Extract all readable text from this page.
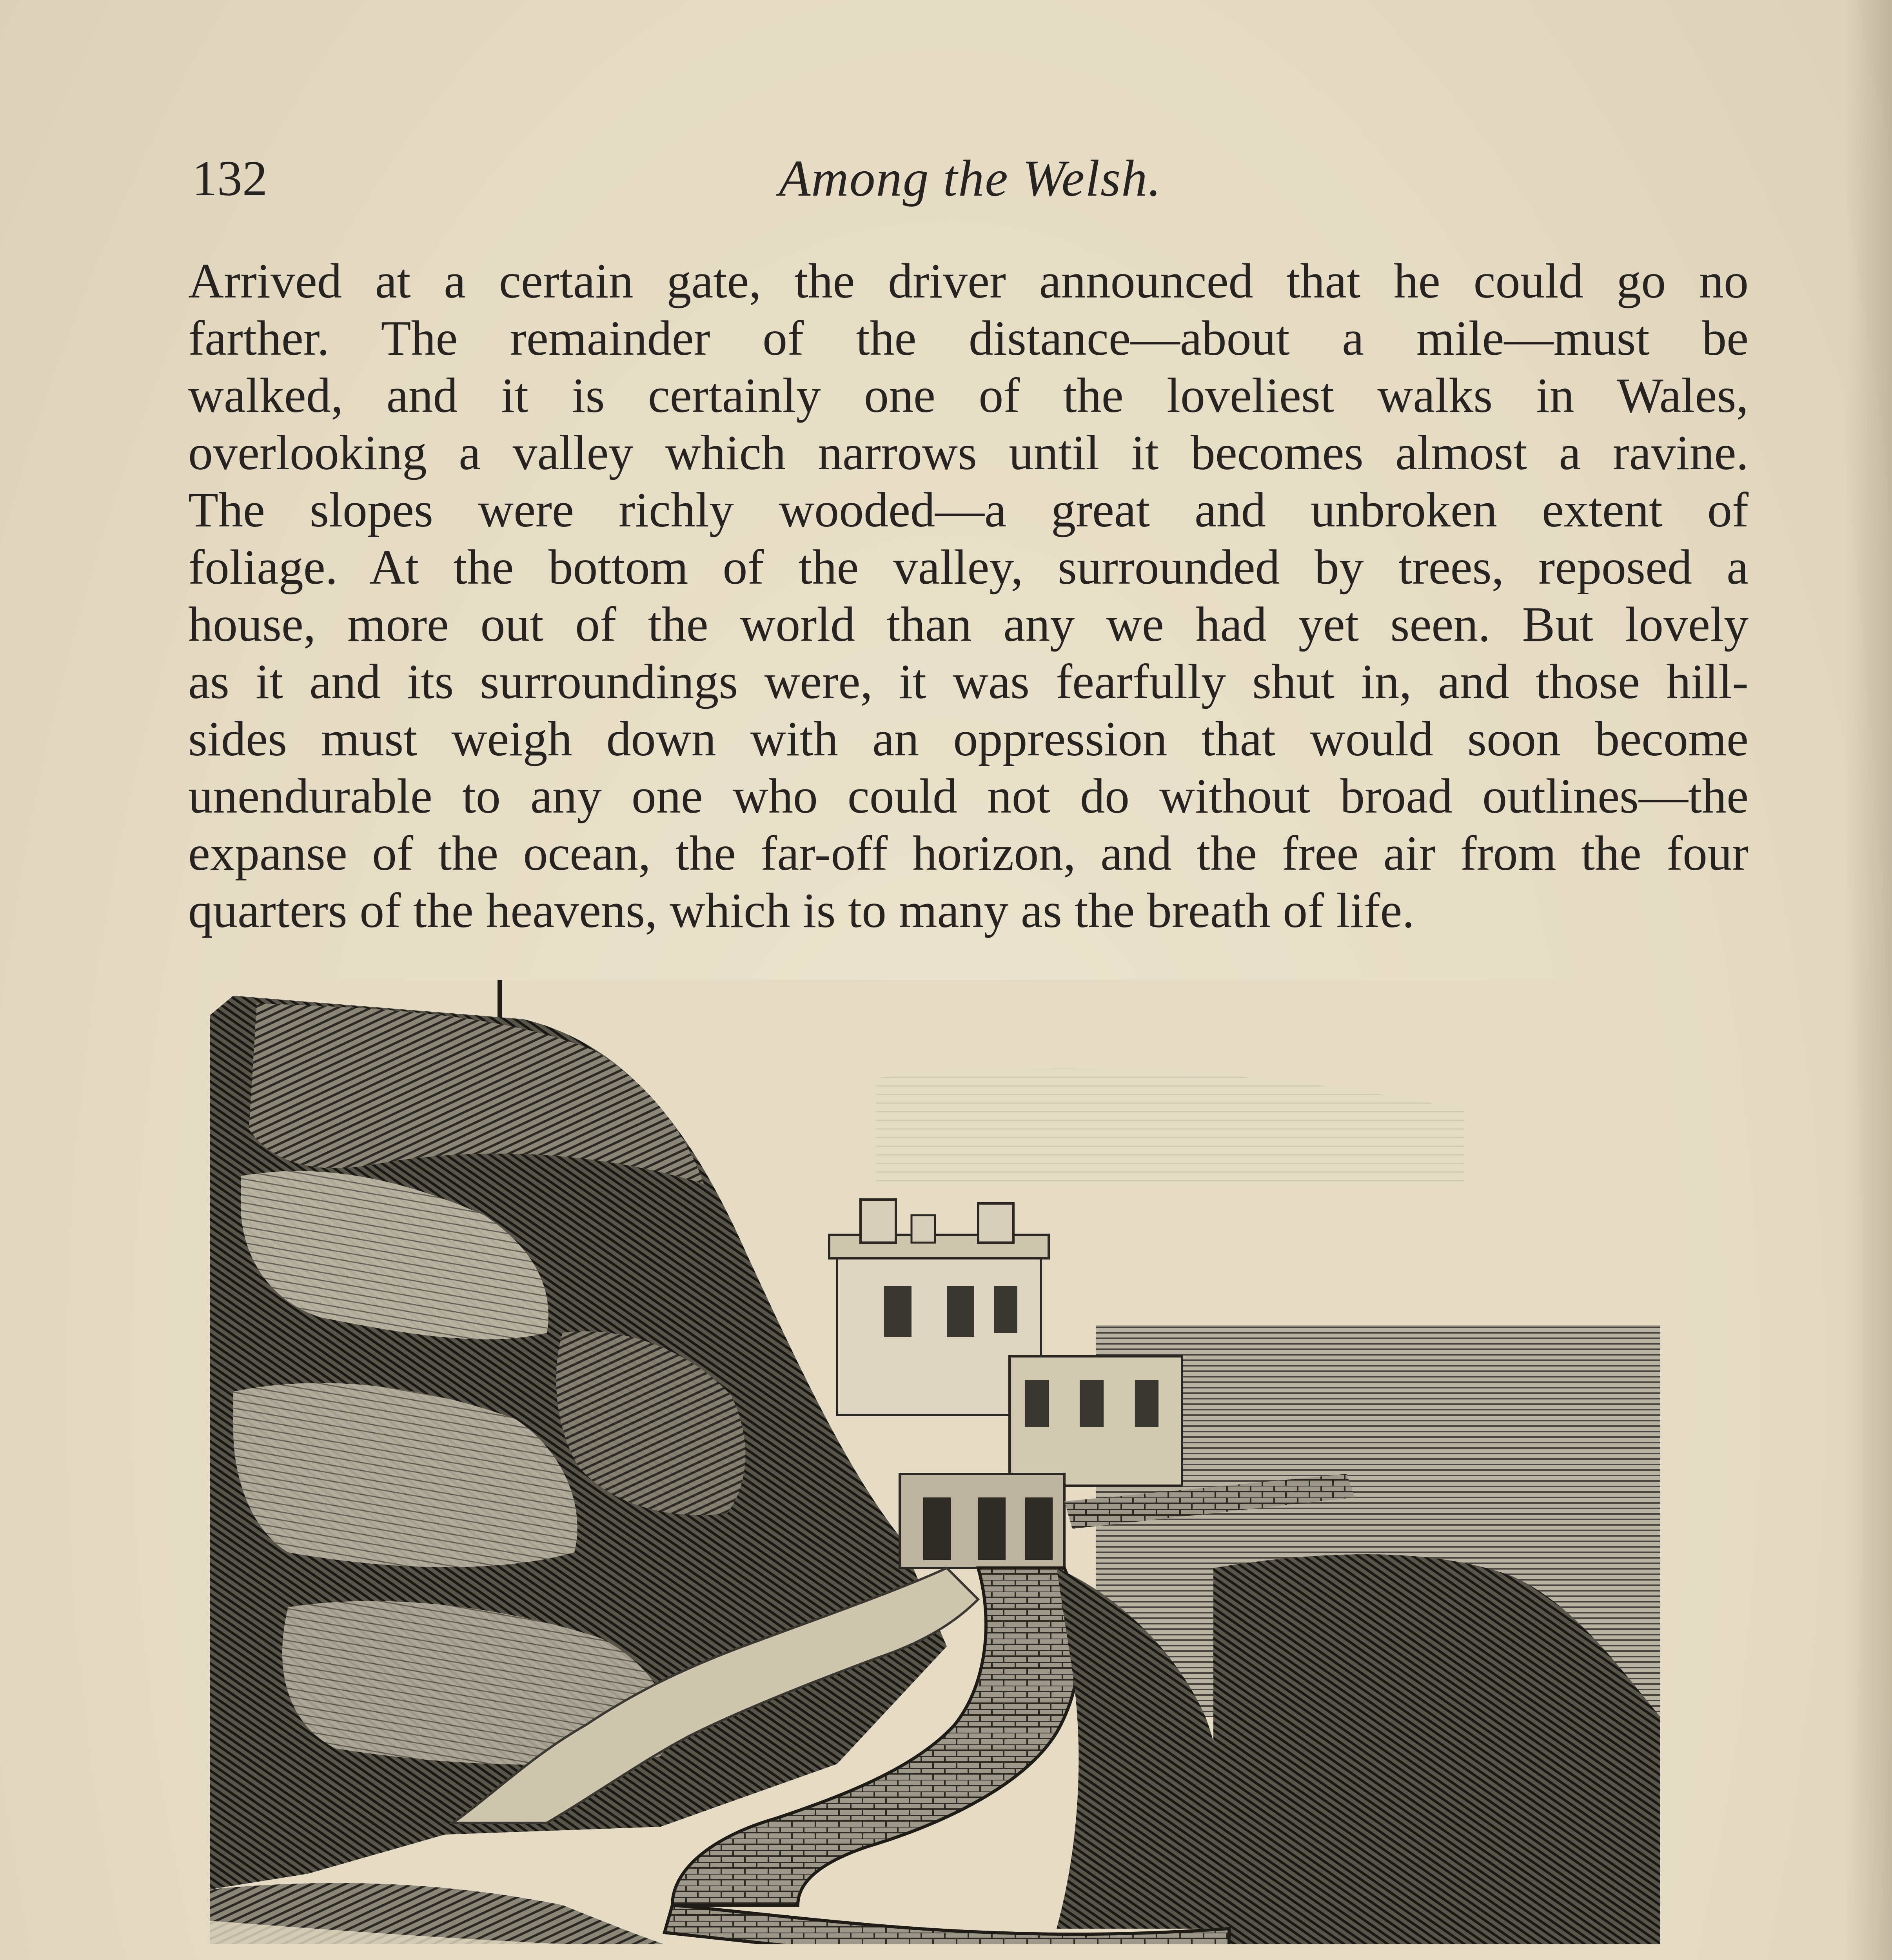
132	Among the Welsh.
Arrived at a certain gate, the driver announced that he could go no
farther. The remainder of the distance—about a mile—must be
walked, and it is certainly one of the loveliest walks in Wales,
overlooking a valley which narrows until it becomes almost a ravine.
The slopes were richly wooded—a great and unbroken extent of
foliage. At the bottom of the valley, surrounded by trees, reposed a
house, more out of the world than any we had yet seen. But lovely
as it and its surroundings were, it was fearfully shut in, and those hill-
sides must weigh down with an oppression that would soon become
unendurable to any one who could not do without broad outlines—the
expanse of the ocean, the far-off horizon, and the free air from the four
quarters of the heavens, which is to many as the breath of life.
